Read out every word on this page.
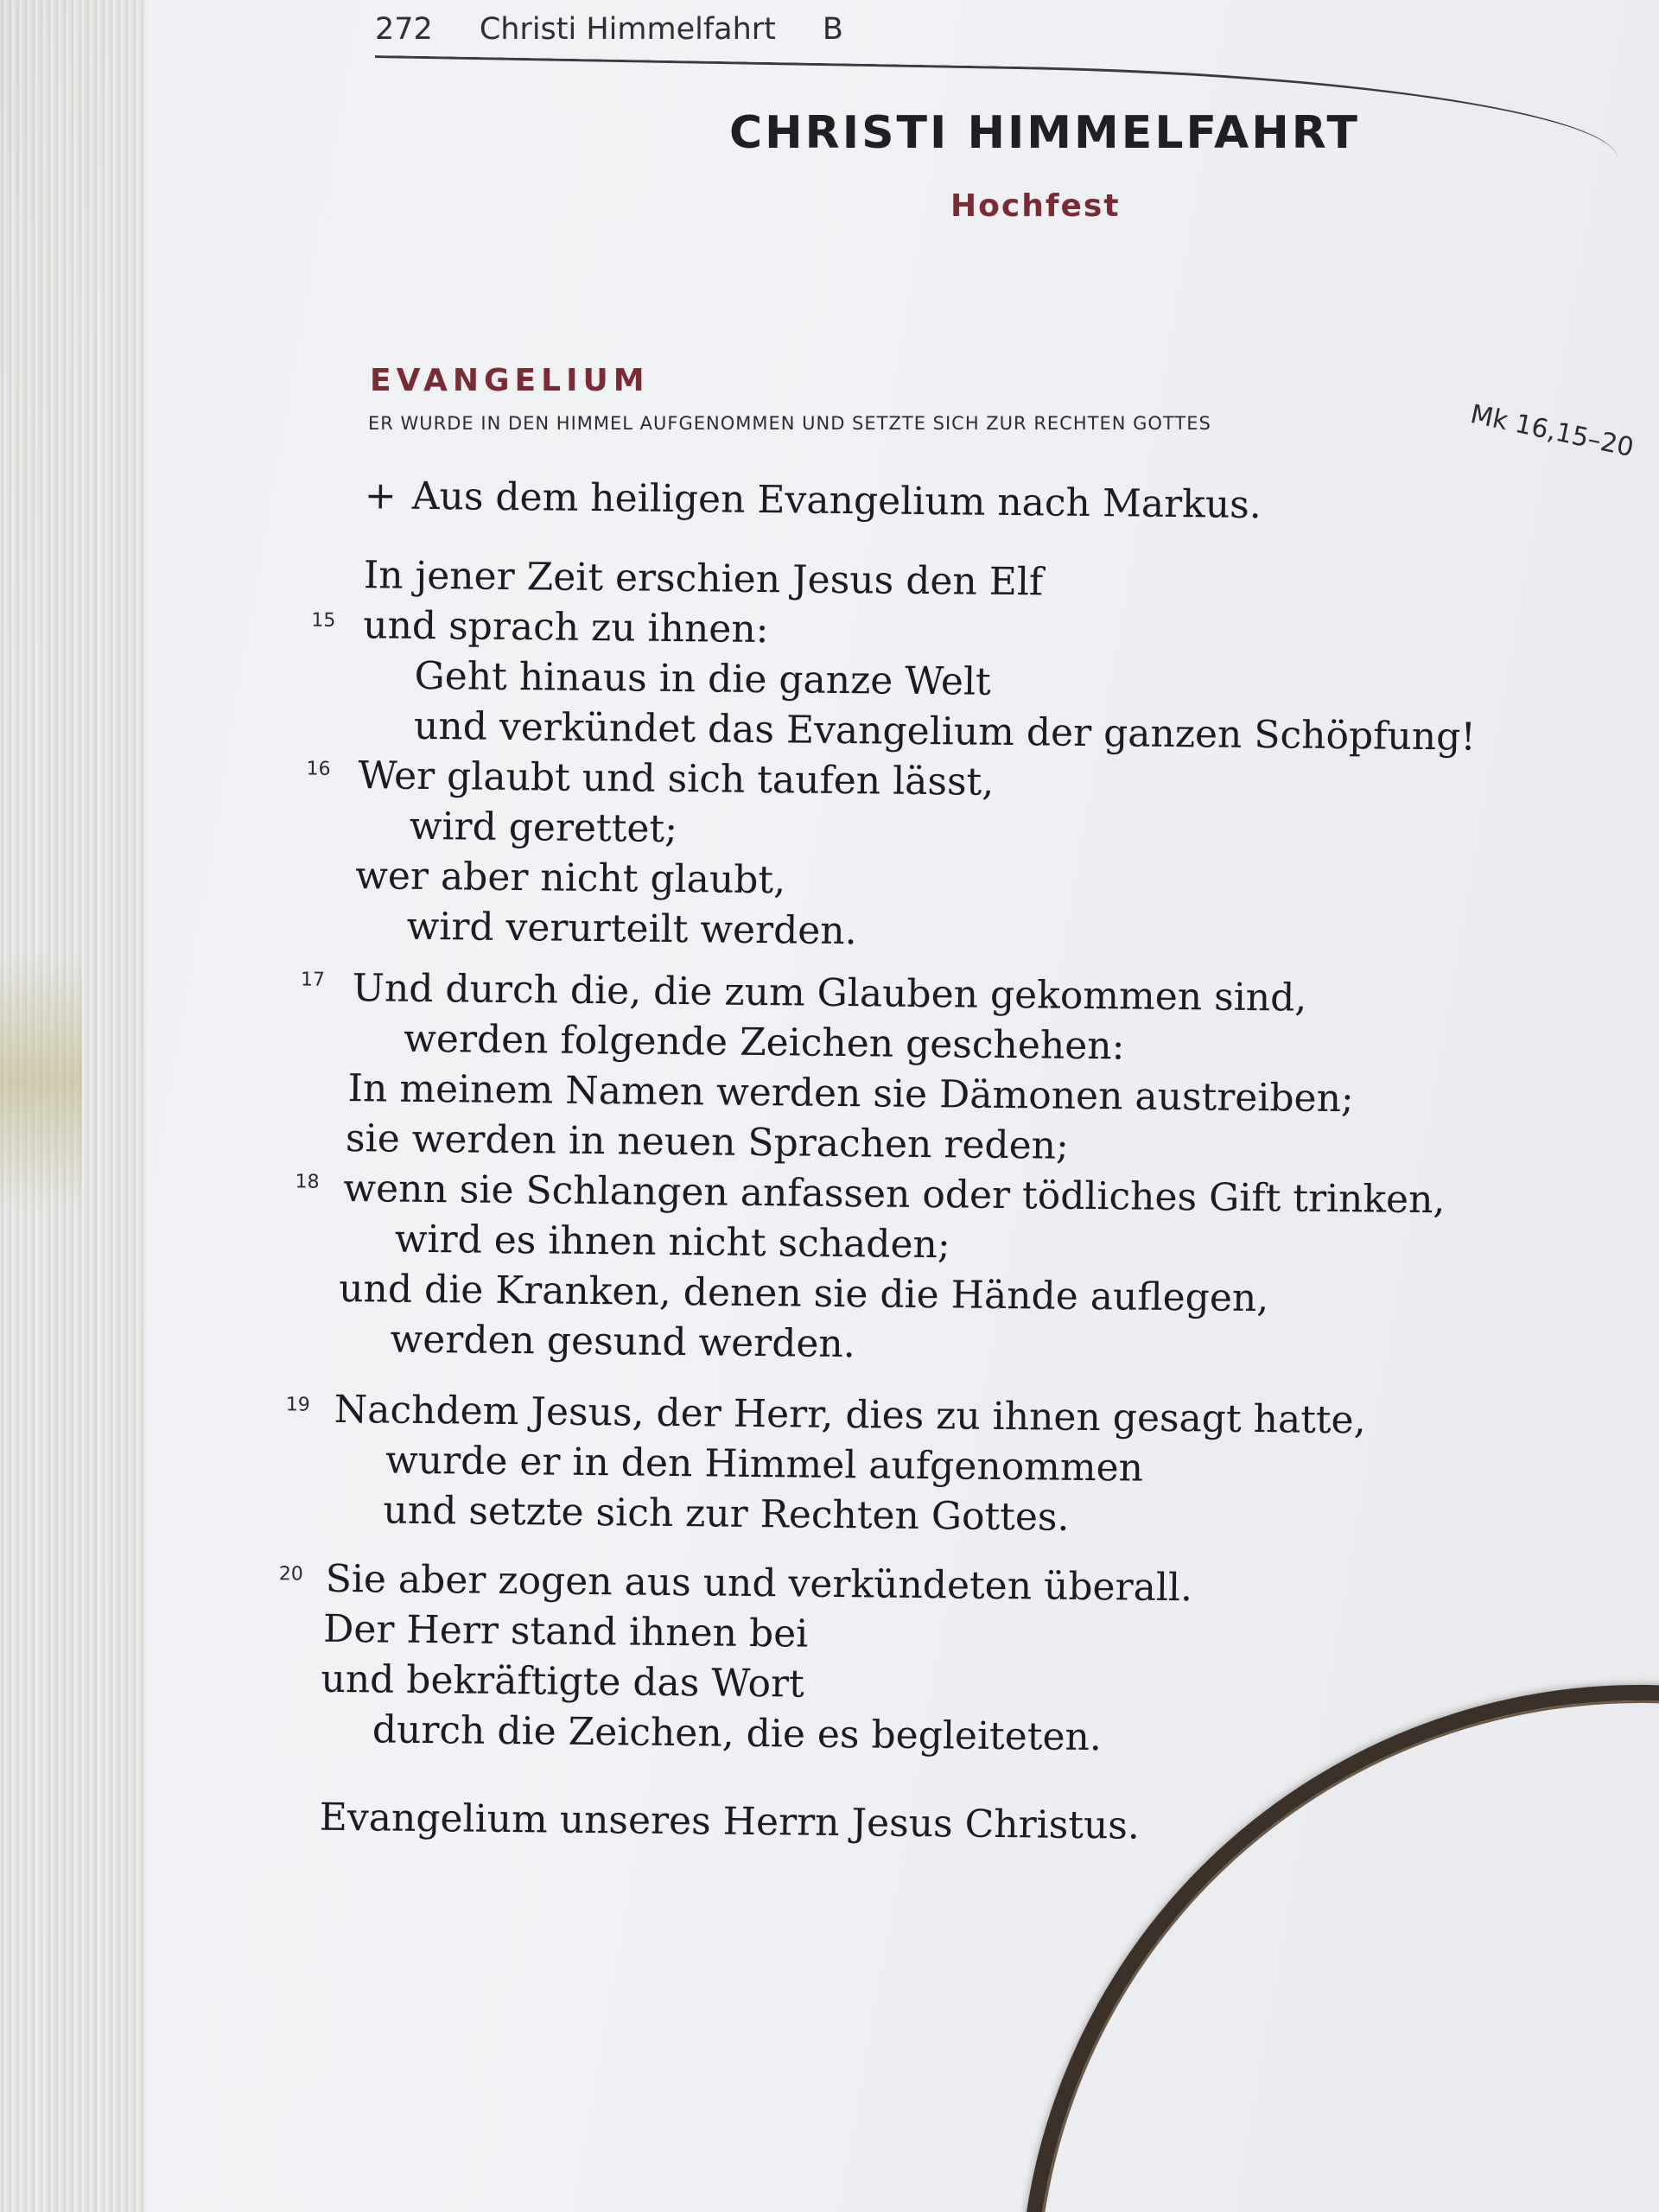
272 Christi Himmelfahrt B
CHRISTI HIMMELFAHRT
Hochfest
EVANGELIUM
ER WURDE IN DEN HIMMEL AUFGENOMMEN UND SETZTE SICH ZUR RECHTEN GOTTES	Mk 16,15–20
+ Aus dem heiligen Evangelium nach Markus.
15
16
17
18
19
20
In jener Zeit erschien Jesus den Elf
und sprach zu ihnen:
Geht hinaus in die ganze Welt
und verkündet das Evangelium der ganzen Schöpfung!
Wer glaubt und sich taufen lässt,
wird gerettet;
wer aber nicht glaubt,
wird verurteilt werden.
Und durch die, die zum Glauben gekommen sind,
werden folgende Zeichen geschehen:
In meinem Namen werden sie Dämonen austreiben;
sie werden in neuen Sprachen reden;
wenn sie Schlangen anfassen oder tödliches Gift trinken,
wird es ihnen nicht schaden;
und die Kranken, denen sie die Hände auflegen,
werden gesund werden.
Nachdem Jesus, der Herr, dies zu ihnen gesagt hatte,
wurde er in den Himmel aufgenommen
und setzte sich zur Rechten Gottes.
Sie aber zogen aus und verkündeten überall.
Der Herr stand ihnen bei
und bekräftigte das Wort
durch die Zeichen, die es begleiteten.
Evangelium unseres Herrn Jesus Christus.
